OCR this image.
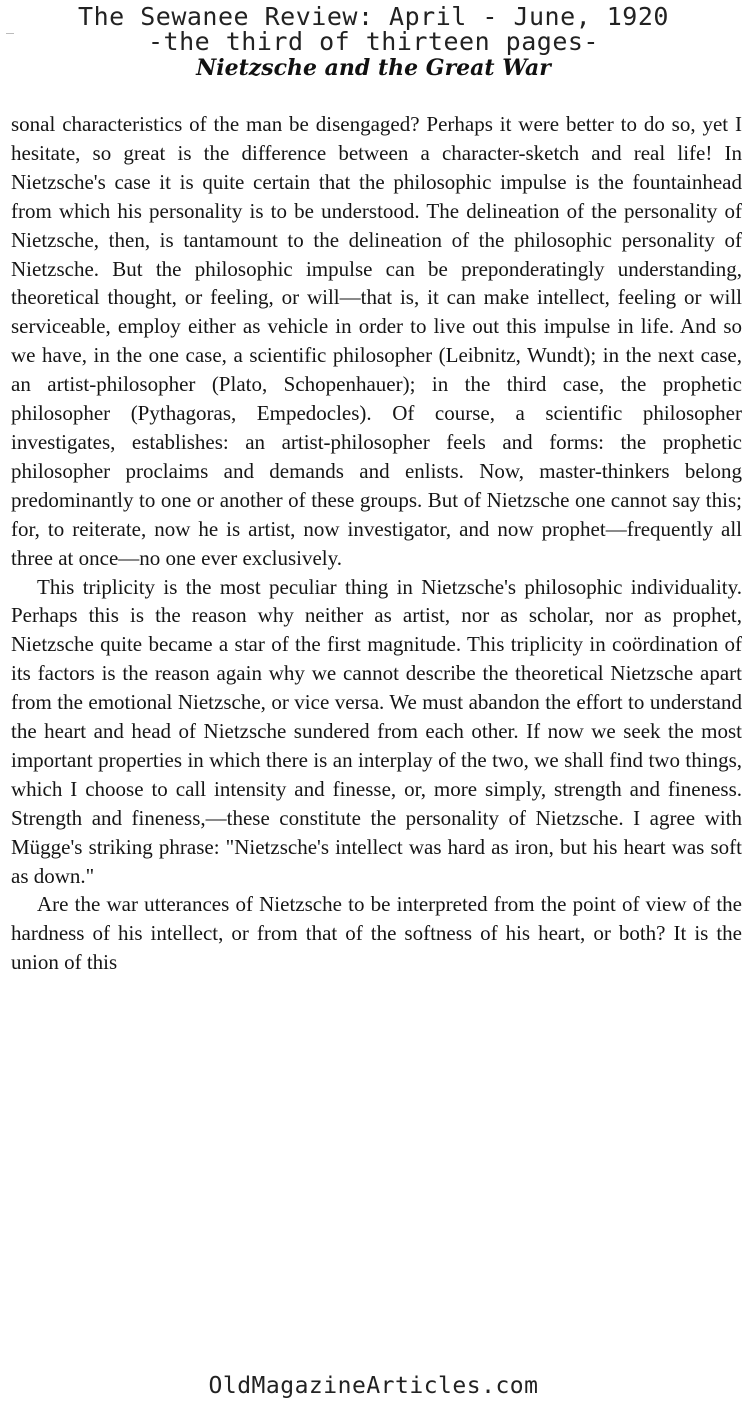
The Sewanee Review: April - June, 1920
-the third of thirteen pages-
Nietzsche and the Great War

sonal characteristics of the man be disengaged? Perhaps it were better to do so, yet I hesitate, so great is the difference between a character-sketch and real life! In Nietzsche's case it is quite certain that the philosophic impulse is the fountainhead from which his personality is to be understood. The delineation of the personality of Nietzsche, then, is tantamount to the delineation of the philosophic personality of Nietzsche. But the philosophic impulse can be preponderatingly understanding, theoretical thought, or feeling, or will—that is, it can make intellect, feeling or will serviceable, employ either as vehicle in order to live out this impulse in life. And so we have, in the one case, a scientific philosopher (Leibnitz, Wundt); in the next case, an artist-philosopher (Plato, Schopenhauer); in the third case, the prophetic philosopher (Pythagoras, Empedocles). Of course, a scientific philosopher investigates, establishes: an artist-philosopher feels and forms: the prophetic philosopher proclaims and demands and enlists. Now, master-thinkers belong predominantly to one or another of these groups. But of Nietzsche one cannot say this; for, to reiterate, now he is artist, now investigator, and now prophet—frequently all three at once—no one ever exclusively.

This triplicity is the most peculiar thing in Nietzsche's philosophic individuality. Perhaps this is the reason why neither as artist, nor as scholar, nor as prophet, Nietzsche quite became a star of the first magnitude. This triplicity in coördination of its factors is the reason again why we cannot describe the theoretical Nietzsche apart from the emotional Nietzsche, or vice versa. We must abandon the effort to understand the heart and head of Nietzsche sundered from each other. If now we seek the most important properties in which there is an interplay of the two, we shall find two things, which I choose to call intensity and finesse, or, more simply, strength and fineness. Strength and fineness,—these constitute the personality of Nietzsche. I agree with Mügge's striking phrase: "Nietzsche's intellect was hard as iron, but his heart was soft as down."

Are the war utterances of Nietzsche to be interpreted from the point of view of the hardness of his intellect, or from that of the softness of his heart, or both? It is the union of this

OldMagazineArticles.com
